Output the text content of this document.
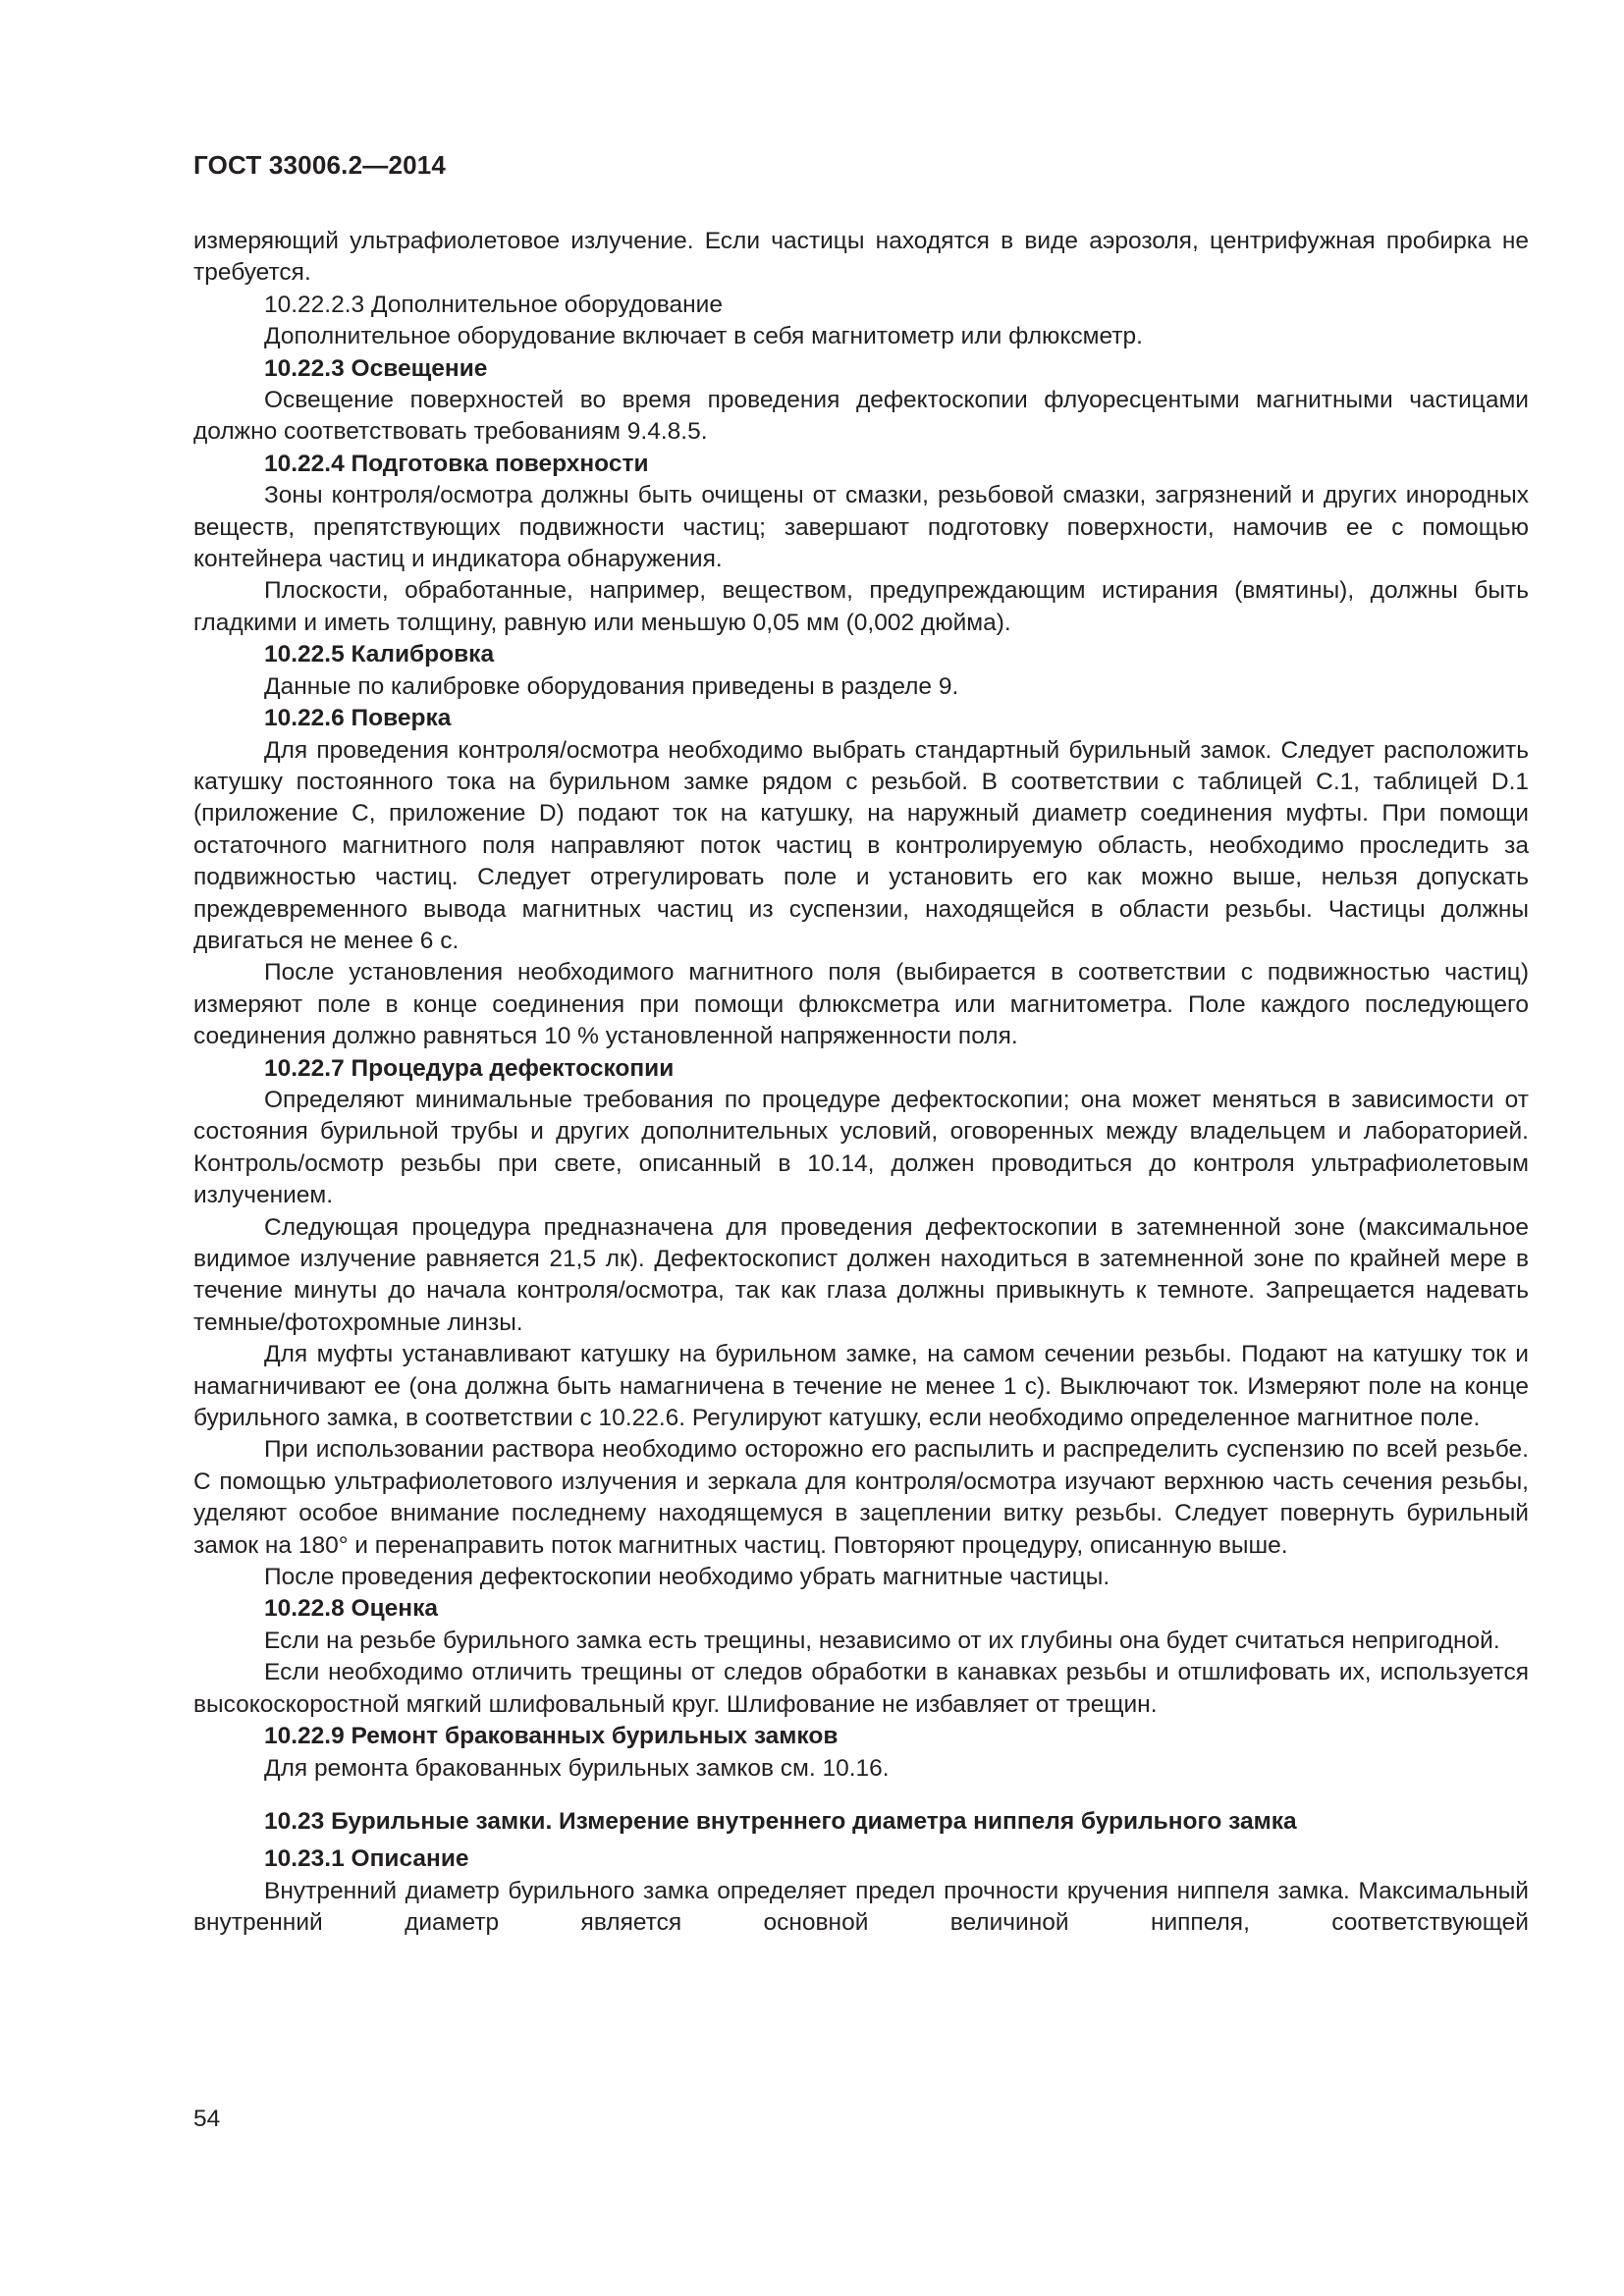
ГОСТ 33006.2—2014

измеряющий ультрафиолетовое излучение. Если частицы находятся в виде аэрозоля, центрифужная пробирка не требуется.

10.22.2.3 Дополнительное оборудование

Дополнительное оборудование включает в себя магнитометр или флюксметр.

10.22.3 Освещение

Освещение поверхностей во время проведения дефектоскопии флуоресцентыми магнитными частицами должно соответствовать требованиям 9.4.8.5.

10.22.4 Подготовка поверхности

Зоны контроля/осмотра должны быть очищены от смазки, резьбовой смазки, загрязнений и других инородных веществ, препятствующих подвижности частиц; завершают подготовку поверхности, намочив ее с помощью контейнера частиц и индикатора обнаружения.

Плоскости, обработанные, например, веществом, предупреждающим истирания (вмятины), должны быть гладкими и иметь толщину, равную или меньшую 0,05 мм (0,002 дюйма).

10.22.5 Калибровка

Данные по калибровке оборудования приведены в разделе 9.

10.22.6 Поверка

Для проведения контроля/осмотра необходимо выбрать стандартный бурильный замок. Следует расположить катушку постоянного тока на бурильном замке рядом с резьбой. В соответствии с таблицей С.1, таблицей D.1 (приложение С, приложение D) подают ток на катушку, на наружный диаметр соединения муфты. При помощи остаточного магнитного поля направляют поток частиц в контролируемую область, необходимо проследить за подвижностью частиц. Следует отрегулировать поле и установить его как можно выше, нельзя допускать преждевременного вывода магнитных частиц из суспензии, находящейся в области резьбы. Частицы должны двигаться не менее 6 с.

После установления необходимого магнитного поля (выбирается в соответствии с подвижностью частиц) измеряют поле в конце соединения при помощи флюксметра или магнитометра. Поле каждого последующего соединения должно равняться 10 % установленной напряженности поля.

10.22.7 Процедура дефектоскопии

Определяют минимальные требования по процедуре дефектоскопии; она может меняться в зависимости от состояния бурильной трубы и других дополнительных условий, оговоренных между владельцем и лабораторией. Контроль/осмотр резьбы при свете, описанный в 10.14, должен проводиться до контроля ультрафиолетовым излучением.

Следующая процедура предназначена для проведения дефектоскопии в затемненной зоне (максимальное видимое излучение равняется 21,5 лк). Дефектоскопист должен находиться в затемненной зоне по крайней мере в течение минуты до начала контроля/осмотра, так как глаза должны привыкнуть к темноте. Запрещается надевать темные/фотохромные линзы.

Для муфты устанавливают катушку на бурильном замке, на самом сечении резьбы. Подают на катушку ток и намагничивают ее (она должна быть намагничена в течение не менее 1 с). Выключают ток. Измеряют поле на конце бурильного замка, в соответствии с 10.22.6. Регулируют катушку, если необходимо определенное магнитное поле.

При использовании раствора необходимо осторожно его распылить и распределить суспензию по всей резьбе. С помощью ультрафиолетового излучения и зеркала для контроля/осмотра изучают верхнюю часть сечения резьбы, уделяют особое внимание последнему находящемуся в зацеплении витку резьбы. Следует повернуть бурильный замок на 180° и перенаправить поток магнитных частиц. Повторяют процедуру, описанную выше.

После проведения дефектоскопии необходимо убрать магнитные частицы.

10.22.8 Оценка

Если на резьбе бурильного замка есть трещины, независимо от их глубины она будет считаться непригодной.

Если необходимо отличить трещины от следов обработки в канавках резьбы и отшлифовать их, используется высокоскоростной мягкий шлифовальный круг. Шлифование не избавляет от трещин.

10.22.9 Ремонт бракованных бурильных замков

Для ремонта бракованных бурильных замков см. 10.16.

10.23 Бурильные замки. Измерение внутреннего диаметра ниппеля бурильного замка

10.23.1 Описание

Внутренний диаметр бурильного замка определяет предел прочности кручения ниппеля замка. Максимальный внутренний диаметр является основной величиной ниппеля, соответствующей

54
